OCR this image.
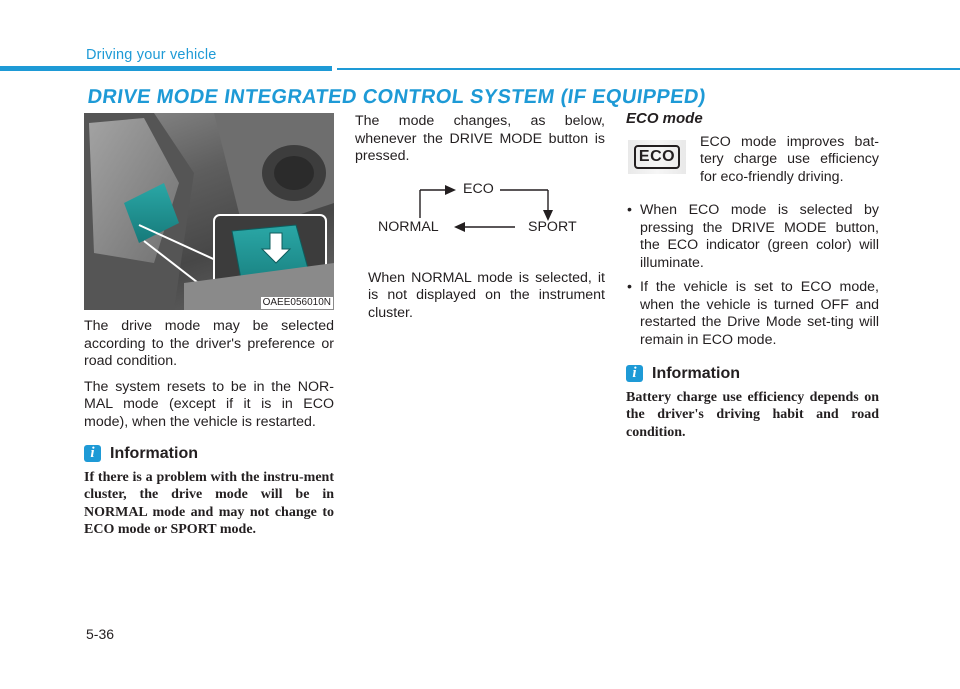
Driving your vehicle
DRIVE MODE INTEGRATED CONTROL SYSTEM (IF EQUIPPED)
OAEE056010N

The drive mode may be selected according to the driver's preference or road condition.

The system resets to be in the NOR-MAL mode (except if it is in ECO mode), when the vehicle is restarted.

i Information

If there is a problem with the instru-ment cluster, the drive mode will be in NORMAL mode and may not change to ECO mode or SPORT mode.

The mode changes, as below, whenever the DRIVE MODE button is pressed.

ECO
NORMAL	SPORT

When NORMAL mode is selected, it is not displayed on the instrument cluster.

ECO mode
ECO

ECO mode improves bat-tery charge use efficiency for eco-friendly driving.

• When ECO mode is selected by pressing the DRIVE MODE button, the ECO indicator (green color) will illuminate.
• If the vehicle is set to ECO mode, when the vehicle is turned OFF and restarted the Drive Mode set-ting will remain in ECO mode.
i Information

Battery charge use efficiency depends on the driver's driving habit and road condition.

5-36
